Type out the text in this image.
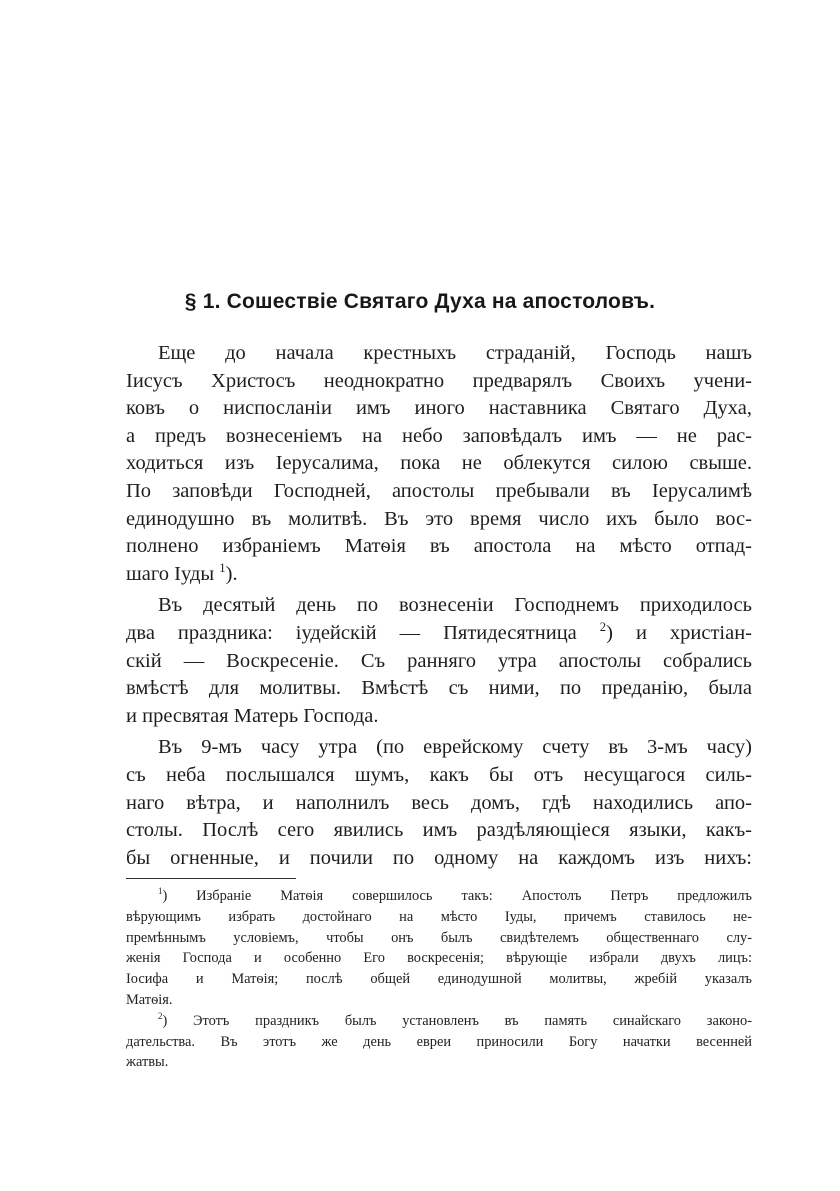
§ 1. Сошествіе Святаго Духа на апостоловъ.
Еще до начала крестныхъ страданій, Господь нашъ
Іисусъ Христосъ неоднократно предварялъ Своихъ учени-
ковъ о ниспосланіи имъ иного наставника Святаго Духа,
а предъ вознесеніемъ на небо заповѣдалъ имъ — не рас-
ходиться изъ Іерусалима, пока не облекутся силою свыше.
По заповѣди Господней, апостолы пребывали въ Іерусалимѣ
единодушно въ молитвѣ. Въ это время число ихъ было вос-
полнено избраніемъ Матѳія въ апостола на мѣсто отпад-
шаго Іуды $^1$).
Въ десятый день по вознесеніи Господнемъ приходилось
два праздника: іудейскій — Пятидесятница $^2$) и христіан-
скій — Воскресеніе. Съ ранняго утра апостолы собрались
вмѣстѣ для молитвы. Вмѣстѣ съ ними, по преданію, была
и пресвятая Матерь Господа.
Въ 9-мъ часу утра (по еврейскому счету въ 3-мъ часу)
съ неба послышался шумъ, какъ бы отъ несущагося силь-
наго вѣтра, и наполнилъ весь домъ, гдѣ находились апо-
столы. Послѣ сего явились имъ раздѣляющіеся языки, какъ-
бы огненные, и почили по одному на каждомъ изъ нихъ:
$^1$) Избраніе Матѳія совершилось такъ: Апостолъ Петръ предложилъ
вѣрующимъ избрать достойнаго на мѣсто Іуды, причемъ ставилось не-
премѣннымъ условіемъ, чтобы онъ былъ свидѣтелемъ общественнаго слу-
женія Господа и особенно Его воскресенія; вѣрующіе избрали двухъ лицъ:
Іосифа и Матѳія; послѣ общей единодушной молитвы, жребій указалъ
Матѳія.
$^2$) Этотъ праздникъ былъ установленъ въ память синайскаго законо-
дательства. Въ этотъ же день евреи приносили Богу начатки весенней
жатвы.
